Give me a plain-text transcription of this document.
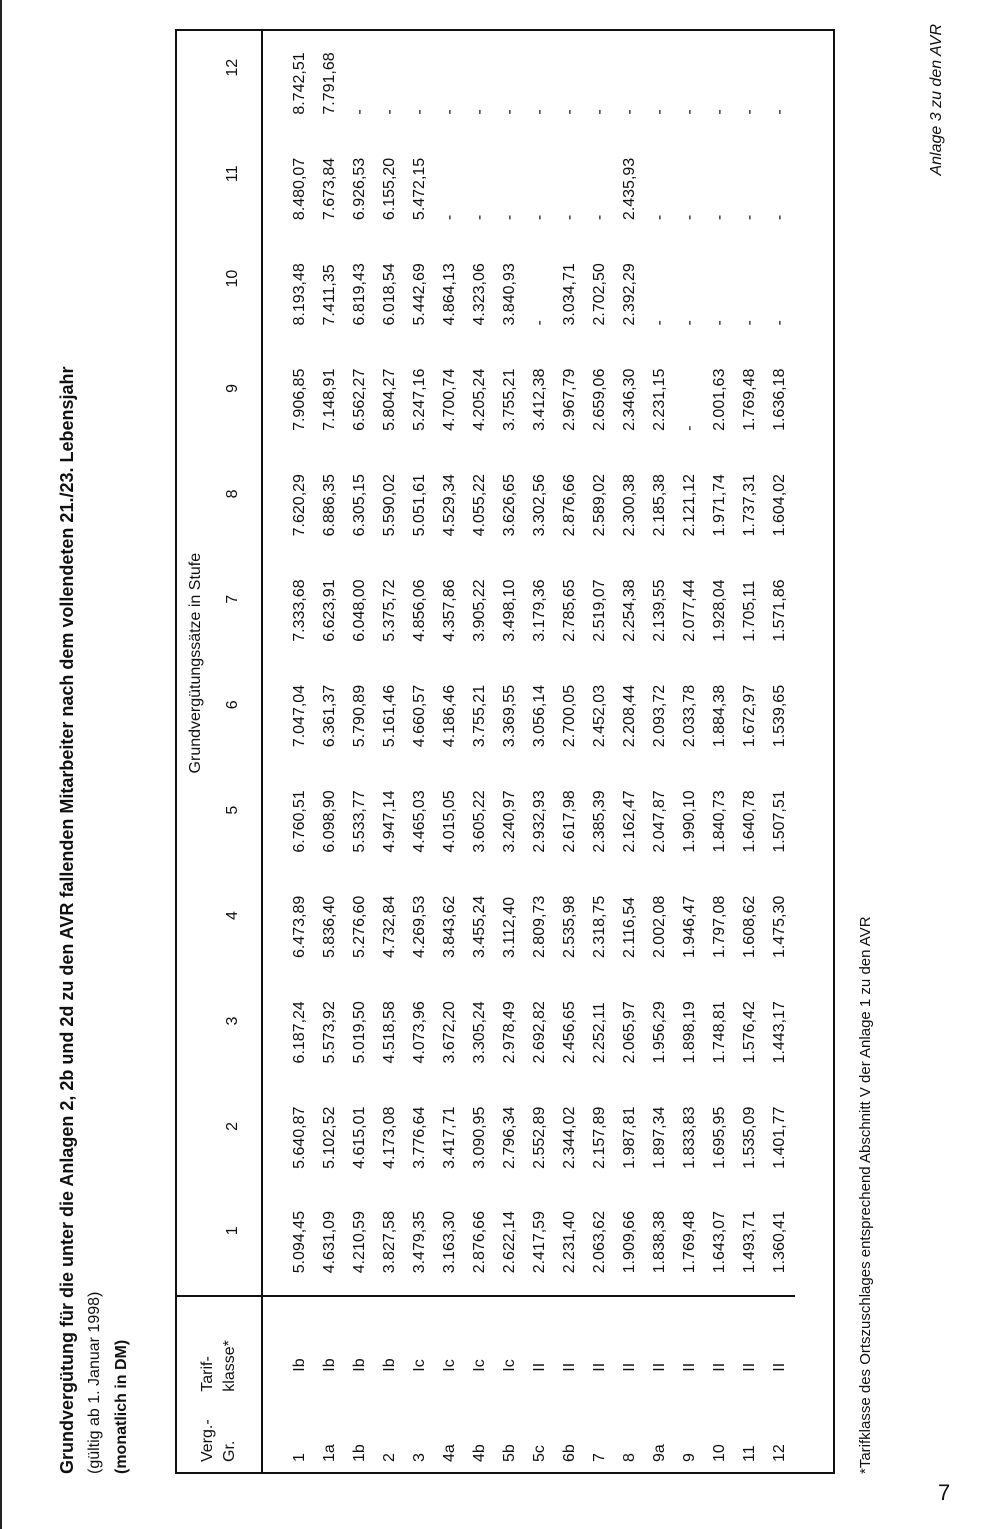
Anlage 3 zu den AVR
Grundvergütung für die unter die Anlagen 2, 2b und 2d zu den AVR fallenden Mitarbeiter nach dem vollendeten 21./23. Lebensjahr (gültig ab 1. Januar 1998) (monatlich in DM)	Verg.- Gr.	Tarif- klasse*	Grundvergütungssätze in Stufe											
		1	2	3	4	5	6	7	8	9	10	11	12
1	Ib	5.094,45	5.640,87	6.187,24	6.473,89	6.760,51	7.047,04	7.333,68	7.620,29	7.906,85	8.193,48	8.480,07	8.742,51
1a	Ib	4.631,09	5.102,52	5.573,92	5.836,40	6.098,90	6.361,37	6.623,91	6.886,35	7.148,91	7.411,35	7.673,84	7.791,68
1b	Ib	4.210,59	4.615,01	5.019,50	5.276,60	5.533,77	5.790,89	6.048,00	6.305,15	6.562,27	6.819,43	6.926,53	-
2	Ib	3.827,58	4.173,08	4.518,58	4.732,84	4.947,14	5.161,46	5.375,72	5.590,02	5.804,27	6.018,54	6.155,20	-
3	Ic	3.479,35	3.776,64	4.073,96	4.269,53	4.465,03	4.660,57	4.856,06	5.051,61	5.247,16	5.442,69	5.472,15	-
4a	Ic	3.163,30	3.417,71	3.672,20	3.843,62	4.015,05	4.186,46	4.357,86	4.529,34	4.700,74	4.864,13	-	-
4b	Ic	2.876,66	3.090,95	3.305,24	3.455,24	3.605,22	3.755,21	3.905,22	4.055,22	4.205,24	4.323,06	-	-
5b	Ic	2.622,14	2.796,34	2.978,49	3.112,40	3.240,97	3.369,55	3.498,10	3.626,65	3.755,21	3.840,93	-	-
5c	II	2.417,59	2.552,89	2.692,82	2.809,73	2.932,93	3.056,14	3.179,36	3.302,56	3.412,38	-	-	-
6b	II	2.231,40	2.344,02	2.456,65	2.535,98	2.617,98	2.700,05	2.785,65	2.876,66	2.967,79	3.034,71	-	-
7	II	2.063,62	2.157,89	2.252,11	2.318,75	2.385,39	2.452,03	2.519,07	2.589,02	2.659,06	2.702,50	-	-
8	II	1.909,66	1.987,81	2.065,97	2.116,54	2.162,47	2.208,44	2.254,38	2.300,38	2.346,30	2.392,29	2.435,93	-
9a	II	1.838,38	1.897,34	1.956,29	2.002,08	2.047,87	2.093,72	2.139,55	2.185,38	2.231,15	-	-	-
9	II	1.769,48	1.833,83	1.898,19	1.946,47	1.990,10	2.033,78	2.077,44	2.121,12	-	-	-	-
10	II	1.643,07	1.695,95	1.748,81	1.797,08	1.840,73	1.884,38	1.928,04	1.971,74	2.001,63	-	-	-
11	II	1.493,71	1.535,09	1.576,42	1.608,62	1.640,78	1.672,97	1.705,11	1.737,31	1.769,48	-	-	-
12	II	1.360,41	1.401,77	1.443,17	1.475,30	1.507,51	1.539,65	1.571,86	1.604,02	1.636,18	-	-	-
*Tarifklasse des Ortszuschlages entsprechend Abschnitt V der Anlage 1 zu den AVR
7
